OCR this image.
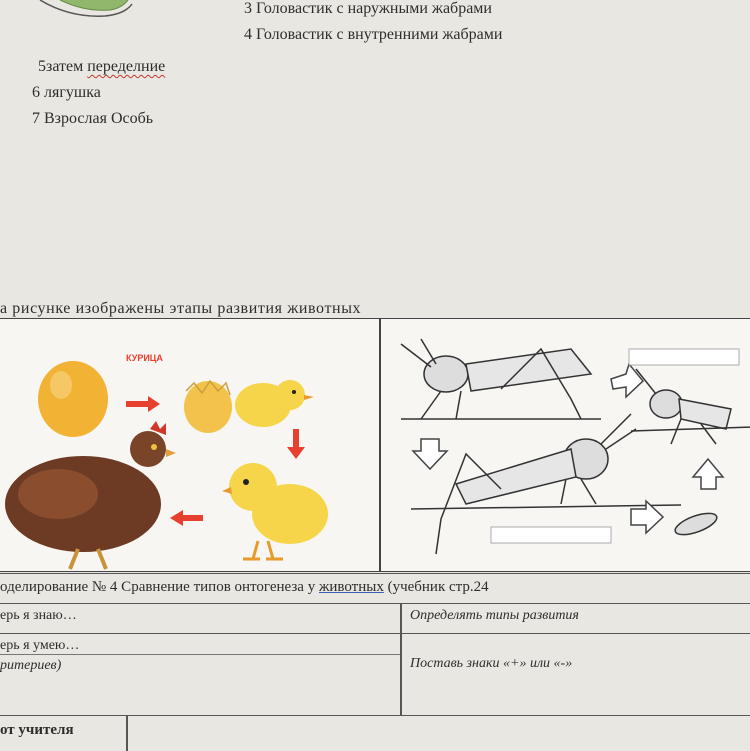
3 Головастик с наружными жабрами
4 Головастик с внутренними жабрами
5затем переделние
6 лягушка
7 Взрослая Особь
а рисунке изображены этапы развития животных
КУРИЦА
оделирование № 4 Сравнение типов онтогенеза у животных (учебник стр.24
ерь я знаю…	Определять типы развития
ерь я умею…
ритериев)	Поставь знаки «+» или «-»
от учителя
